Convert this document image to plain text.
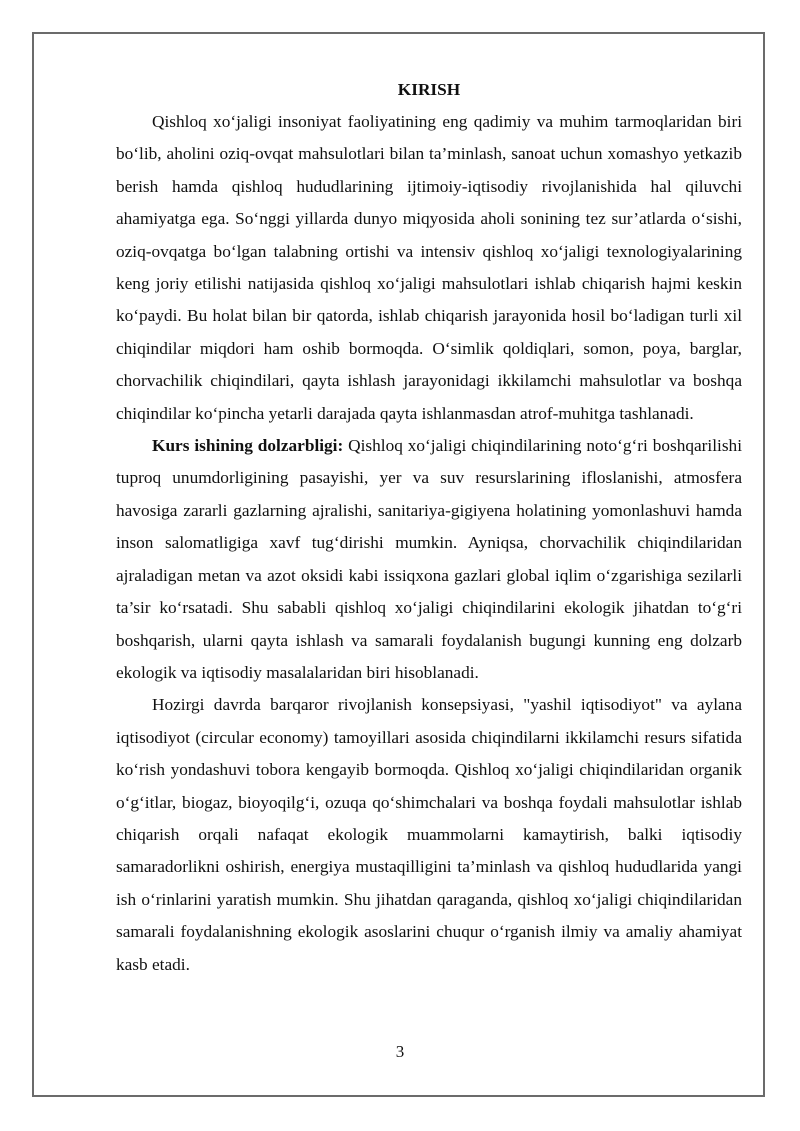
KIRISH

Qishloq xo‘jaligi insoniyat faoliyatining eng qadimiy va muhim tarmoqlaridan biri bo‘lib, aholini oziq-ovqat mahsulotlari bilan ta’minlash, sanoat uchun xomashyo yetkazib berish hamda qishloq hududlarining ijtimoiy-iqtisodiy rivojlanishida hal qiluvchi ahamiyatga ega. So‘nggi yillarda dunyo miqyosida aholi sonining tez sur’atlarda o‘sishi, oziq-ovqatga bo‘lgan talabning ortishi va intensiv qishloq xo‘jaligi texnologiyalarining keng joriy etilishi natijasida qishloq xo‘jaligi mahsulotlari ishlab chiqarish hajmi keskin ko‘paydi. Bu holat bilan bir qatorda, ishlab chiqarish jarayonida hosil bo‘ladigan turli xil chiqindilar miqdori ham oshib bormoqda. O‘simlik qoldiqlari, somon, poya, barglar, chorvachilik chiqindilari, qayta ishlash jarayonidagi ikkilamchi mahsulotlar va boshqa chiqindilar ko‘pincha yetarli darajada qayta ishlanmasdan atrof-muhitga tashlanadi.

Kurs ishining dolzarbligi: Qishloq xo‘jaligi chiqindilarining noto‘g‘ri boshqarilishi tuproq unumdorligining pasayishi, yer va suv resurslarining ifloslanishi, atmosfera havosiga zararli gazlarning ajralishi, sanitariya-gigiyena holatining yomonlashuvi hamda inson salomatligiga xavf tug‘dirishi mumkin. Ayniqsa, chorvachilik chiqindilaridan ajraladigan metan va azot oksidi kabi issiqxona gazlari global iqlim o‘zgarishiga sezilarli ta’sir ko‘rsatadi. Shu sababli qishloq xo‘jaligi chiqindilarini ekologik jihatdan to‘g‘ri boshqarish, ularni qayta ishlash va samarali foydalanish bugungi kunning eng dolzarb ekologik va iqtisodiy masalalaridan biri hisoblanadi.

Hozirgi davrda barqaror rivojlanish konsepsiyasi, "yashil iqtisodiyot" va aylana iqtisodiyot (circular economy) tamoyillari asosida chiqindilarni ikkilamchi resurs sifatida ko‘rish yondashuvi tobora kengayib bormoqda. Qishloq xo‘jaligi chiqindilaridan organik o‘g‘itlar, biogaz, bioyoqilg‘i, ozuqa qo‘shimchalari va boshqa foydali mahsulotlar ishlab chiqarish orqali nafaqat ekologik muammolarni kamaytirish, balki iqtisodiy samaradorlikni oshirish, energiya mustaqilligini ta’minlash va qishloq hududlarida yangi ish o‘rinlarini yaratish mumkin. Shu jihatdan qaraganda, qishloq xo‘jaligi chiqindilaridan samarali foydalanishning ekologik asoslarini chuqur o‘rganish ilmiy va amaliy ahamiyat kasb etadi.

3
